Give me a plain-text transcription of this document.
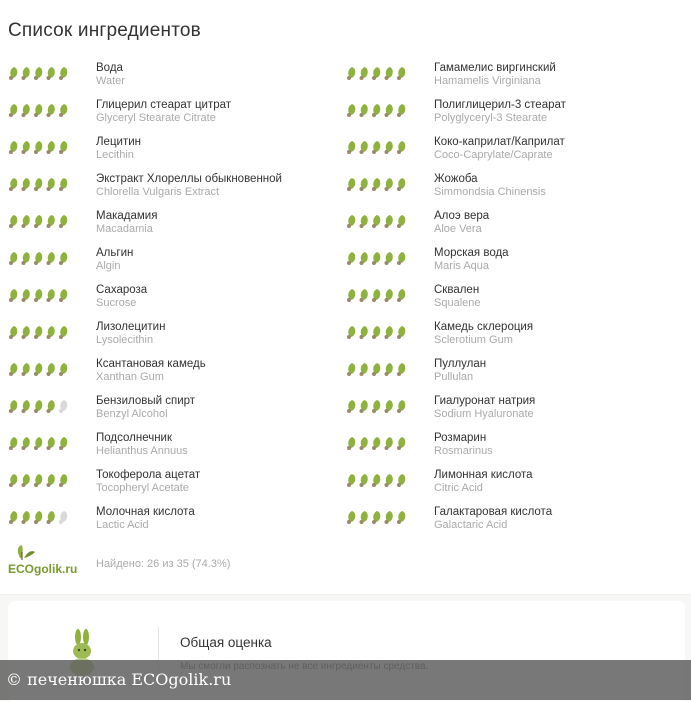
Список ингредиентов
Вода
Water
Глицерил стеарат цитрат
Glyceryl Stearate Citrate
Лецитин
Lecithin
Экстракт Хлореллы обыкновенной
Chlorella Vulgaris Extract
Макадамия
Macadamia
Альгин
Algin
Сахароза
Sucrose
Лизолецитин
Lysolecithin
Ксантановая камедь
Xanthan Gum
Бензиловый спирт
Benzyl Alcohol
Подсолнечник
Helianthus Annuus
Токоферола ацетат
Tocopheryl Acetate
Молочная кислота
Lactic Acid
Гамамелис виргинский
Hamamelis Virginiana
Полиглицерил-3 стеарат
Polyglyceryl-3 Stearate
Коко-каприлат/Каприлат
Coco-Caprylate/Caprate
Жожоба
Simmondsia Chinensis
Алоэ вера
Aloe Vera
Морская вода
Maris Aqua
Сквален
Squalene
Камедь склероция
Sclerotium Gum
Пуллулан
Pullulan
Гиалуронат натрия
Sodium Hyaluronate
Розмарин
Rosmarinus
Лимонная кислота
Citric Acid
Галактаровая кислота
Galactaric Acid
ECOgolik.ru Найдено: 26 из 35 (74.3%)
Общая оценка
© печенюшка ECOgolik.ru
